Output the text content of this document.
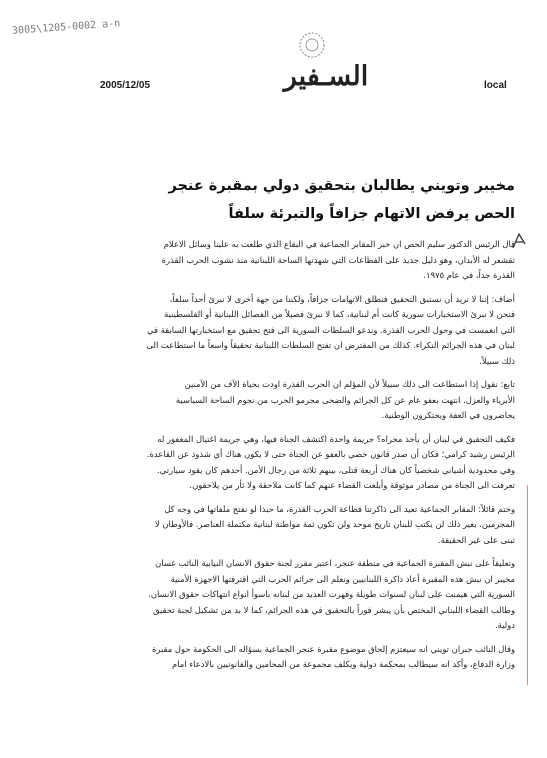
3005\1205-0002 a-n
السـفير
2005/12/05	local
مخيبر وتويني يطالبان بتحقيق دولي بمقبرة عنجر
الحص يرفض الاتهام جزافاً والتبرئة سلفاً
قال الرئيس الدكتور سليم الحص ان خبر المقابر الجماعية في البقاع الذي طلعت به علينا وسائل الاعلام
تقشعر له الأبدان، وهو دليل جديد على الفظاعات التي شهدتها الساحة اللبنانية منذ نشوب الحرب القذرة
القذرة جداً، في عام ١٩٧٥.
أضاف: إننا لا نريد أن نستبق التحقيق فنطلق الاتهامات جزافاً، ولكننا من جهة أخرى لا نبرئ أحداً سلفاً،
فنحن لا نبرئ الاستخبارات سورية كانت أم لبنانية، كما لا نبرئ فصيلاً من الفصائل اللبنانية أو الفلسطينية
التي انغمست في وحول الحرب القذرة. وندعو السلطات السورية الى فتح تحقيق مع استخبارتها السابقة في
لبنان في هذه الجرائم النكراء. كذلك من المفترض ان تفتح السلطات اللبنانية تحقيقاً واسعاً ما استطاعت الى
ذلك سبيلاً.
تابع: نقول إذا استطاعت الى ذلك سبيلاً لأن المؤلم ان الحرب القذرة اودت بحياة الآف من الآمنين
الأبرياء والعزل. انتهت بعفو عام عن كل الجرائم والضحى مجرمو الحرب من نجوم الساحة السياسية
يحاضرون في العفة ويحتكرون الوطنية.
فكيف التحقيق في لبنان أن يأخذ مجراه؟ جريمة واحدة اكتشف الجناة فيها، وهي جريمة اغتيال المغفور له
الرئيس رشيد كرامي؛ فكان أن صدر قانون خصي بالعفو عن الجناة حتى لا يكون هناك أي شذوذ عن القاعدة.
وفي محدودية أشياني شخصياً كان هناك أربعة قتلى، بينهم ثلاثة من رجال الأمن. أحدهم كان يقود سيارتي.
تعرفت الى الجناة من مصادر موثوقة وأبلغت القضاء عنهم كما كانت ملاحقة ولا ثأر من يلاحقون.
وختم قائلاً: المقابر الجماعية تعيد الى ذاكرتنا فظاعة الحرب القذرة، ما حبذا لو نفتح ملفاتها في وجه كل
المجرمين. بغير ذلك لن يكتب للبنان تاريخ موحد ولن تكون ثمة مواطنة لبنانية مكتملة العناصر. فالأوطان لا
تبنى على غير الحقيقة.
وتعليقاً على نبش المقبرة الجماعية في منطقة عنجر، اعتبر مقرر لجنة حقوق الانسان النيابية النائب غسان
مخيبر ان نبش هذه المقبرة أعاد ذاكرة اللبنانيين ونعلم الى جرائم الحرب التي اقترفتها الاجهزة الأمنية
السورية التي هيمنت على لبنان لسنوات طويلة وفهرت العديد من لبنانه باسوأ انواع انتهاكات حقوق الانسان.
وطالب القضاء اللبناني المختص بأن يبشر فوراً بالتحقيق في هذه الجرائم، كما لا بد من تشكيل لجنة تحقيق
دولية.
وقال النائب جبران تويني انه سيعتزم إلحاق موضوع مقبرة عنجر الجماعية بسؤاله الى الحكومة حول مقبرة
وزارة الدفاع، وأكد انه سيطالب بمحكمة دولية ويكلف مجموعة من المحامين والقانونيين بالادعاء امام
